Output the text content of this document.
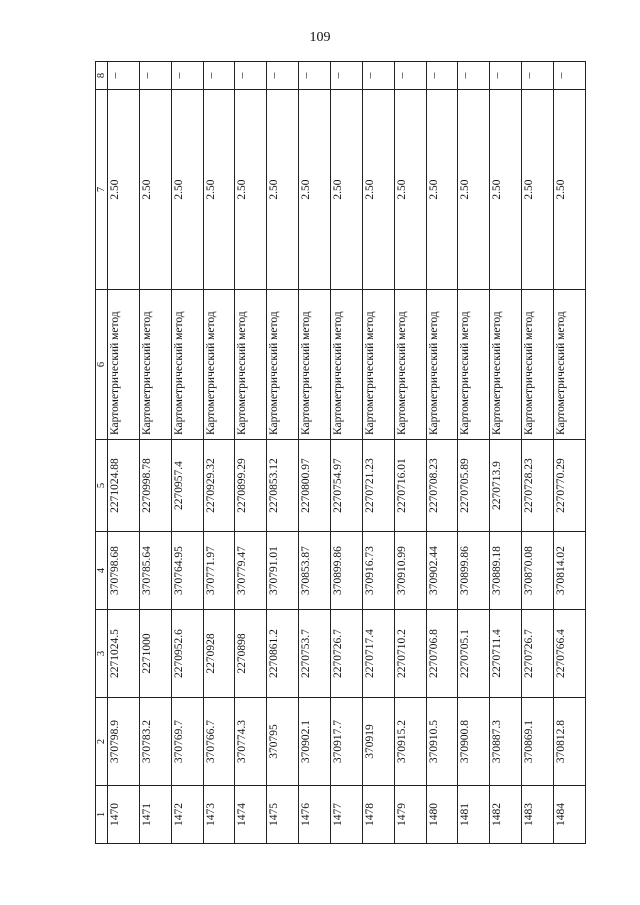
109
1	2	3	4	5	6	7	8
1470	370798.9	2271024.5	370798.68	2271024.88	Картометрический метод	2.50	–
1471	370783.2	2271000	370785.64	2270998.78	Картометрический метод	2.50	–
1472	370769.7	2270952.6	370764.95	2270957.4	Картометрический метод	2.50	–
1473	370766.7	2270928	370771.97	2270929.32	Картометрический метод	2.50	–
1474	370774.3	2270898	370779.47	2270899.29	Картометрический метод	2.50	–
1475	370795	2270861.2	370791.01	2270853.12	Картометрический метод	2.50	–
1476	370902.1	2270753.7	370853.87	2270800.97	Картометрический метод	2.50	–
1477	370917.7	2270726.7	370899.86	2270754.97	Картометрический метод	2.50	–
1478	370919	2270717.4	370916.73	2270721.23	Картометрический метод	2.50	–
1479	370915.2	2270710.2	370910.99	2270716.01	Картометрический метод	2.50	–
1480	370910.5	2270706.8	370902.44	2270708.23	Картометрический метод	2.50	–
1481	370900.8	2270705.1	370899.86	2270705.89	Картометрический метод	2.50	–
1482	370887.3	2270711.4	370889.18	2270713.9	Картометрический метод	2.50	–
1483	370869.1	2270726.7	370870.08	2270728.23	Картометрический метод	2.50	–
1484	370812.8	2270766.4	370814.02	2270770.29	Картометрический метод	2.50	–
